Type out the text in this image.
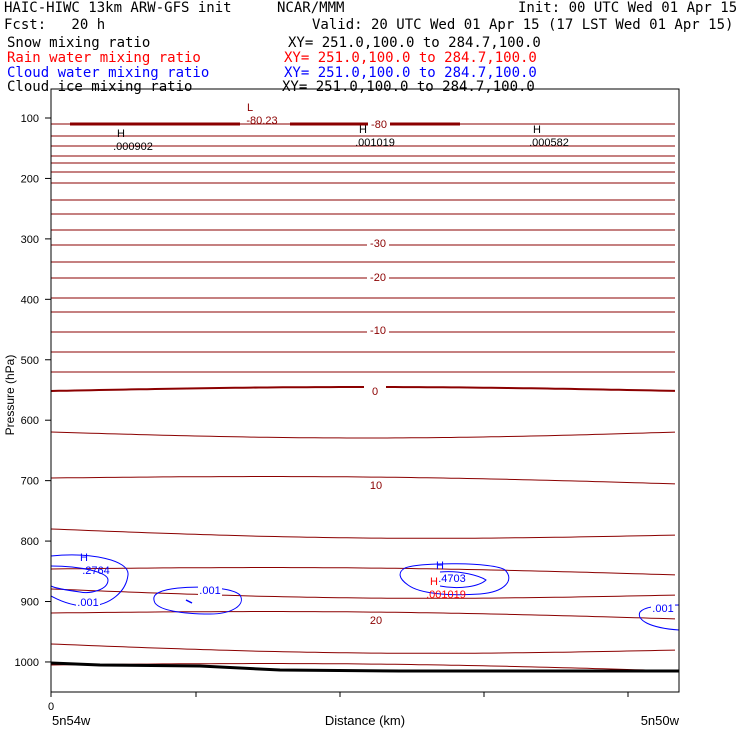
HAIC-HIWC 13km ARW-GFS init	NCAR/MMM	Init: 00 UTC Wed 01 Apr 15
Fcst:   20 h	Valid: 20 UTC Wed 01 Apr 15 (17 LST Wed 01 Apr 15)
Snow mixing ratio	XY= 251.0,100.0 to 284.7,100.0
Rain water mixing ratio	XY= 251.0,100.0 to 284.7,100.0
Cloud water mixing ratio	XY= 251.0,100.0 to 284.7,100.0
Cloud ice mixing ratio	XY= 251.0,100.0 to 284.7,100.0
100
200
300
400
500
600
700
800
900
1000
-80
-30
-20
-10
0
10
20
L
-80.23
H
.000902
H
.001019
H
.000582
H
.2764	H
.4703
H
.001019
.001
.001
.001
Pressure (hPa)
Distance (km)
0
5n54w	5n50w
